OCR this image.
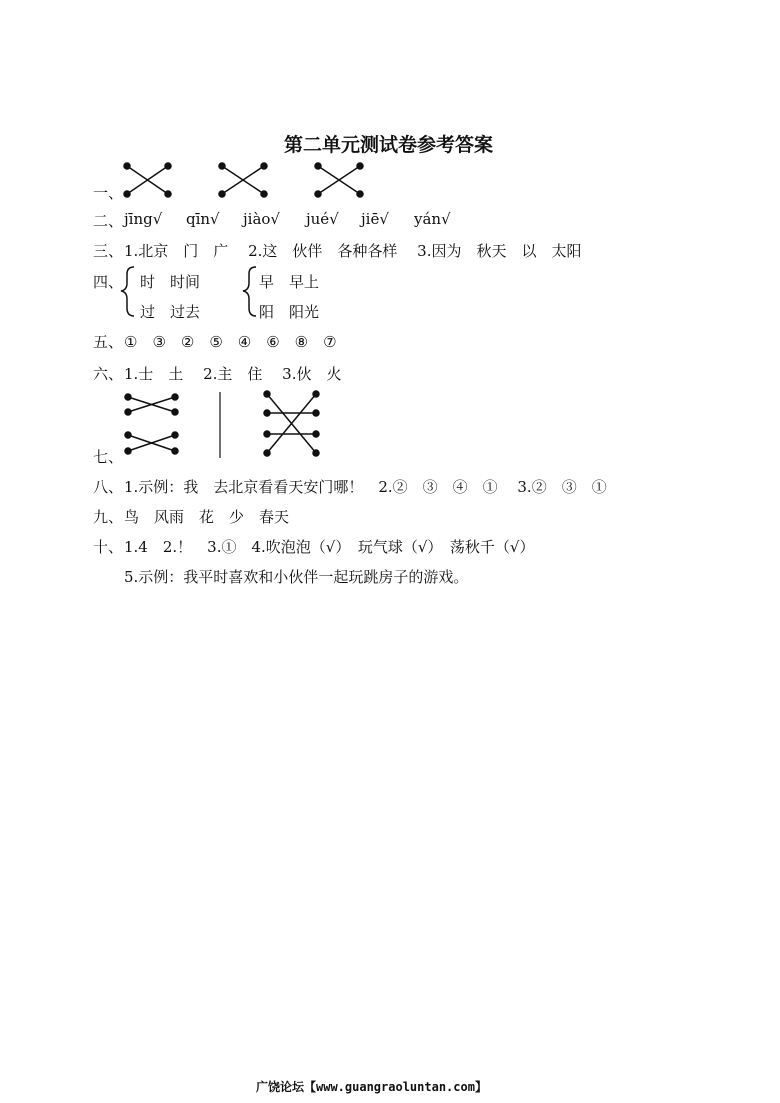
第二单元测试卷参考答案
一、
二、 jīng√ qīn√ jiào√ jué√ jiē√ yán√
三、 1.北京　门　广　 2.这　伙伴　各种各样　 3.因为　秋天　以　太阳
四、 时　时间
过　过去
早　早上
阳　阳光
五、 ①　③　②　⑤　④　⑥　⑧　⑦
六、 1.士　土　 2.主　住　 3.伙　火
七、
八、 1.示例：我　去北京看看天安门哪！　2.②　③　④　①　 3.②　③　①
九、 鸟　风雨　花　少　春天
十、 1.4　2.！　3.①　4.吹泡泡（√）　玩气球（√）　荡秋千（√）
5.示例：我平时喜欢和小伙伴一起玩跳房子的游戏。
广饶论坛【www.guangraoluntan.com】
